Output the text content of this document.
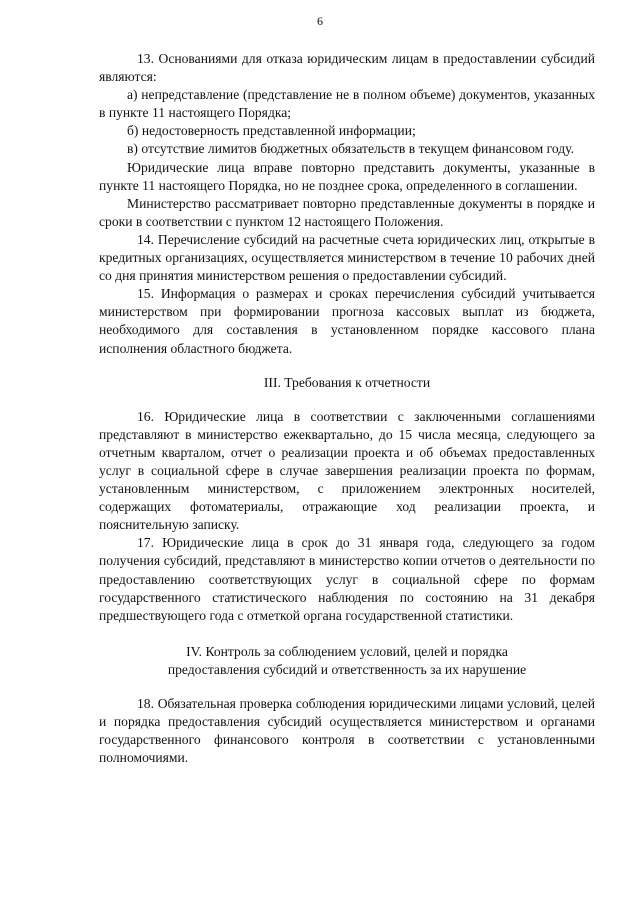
6

13. Основаниями для отказа юридическим лицам в предоставлении субсидий являются:

а) непредставление (представление не в полном объеме) документов, указанных в пункте 11 настоящего Порядка;

б) недостоверность представленной информации;

в) отсутствие лимитов бюджетных обязательств в текущем финансовом году.

Юридические лица вправе повторно представить документы, указанные в пункте 11 настоящего Порядка, но не позднее срока, определенного в соглашении.

Министерство рассматривает повторно представленные документы в порядке и сроки в соответствии с пунктом 12 настоящего Положения.

14. Перечисление субсидий на расчетные счета юридических лиц, открытые в кредитных организациях, осуществляется министерством в течение 10 рабочих дней со дня принятия министерством решения о предоставлении субсидий.

15. Информация о размерах и сроках перечисления субсидий учитывается министерством при формировании прогноза кассовых выплат из бюджета, необходимого для составления в установленном порядке кассового плана исполнения областного бюджета.

III. Требования к отчетности

16. Юридические лица в соответствии с заключенными соглашениями представляют в министерство ежеквартально, до 15 числа месяца, следующего за отчетным кварталом, отчет о реализации проекта и об объемах предоставленных услуг в социальной сфере в случае завершения реализации проекта по формам, установленным министерством, с приложением электронных носителей, содержащих фотоматериалы, отражающие ход реализации проекта, и пояснительную записку.

17. Юридические лица в срок до 31 января года, следующего за годом получения субсидий, представляют в министерство копии отчетов о деятельности по предоставлению соответствующих услуг в социальной сфере по формам государственного статистического наблюдения по состоянию на 31 декабря предшествующего года с отметкой органа государственной статистики.

IV. Контроль за соблюдением условий, целей и порядка
предоставления субсидий и ответственность за их нарушение

18. Обязательная проверка соблюдения юридическими лицами условий, целей и порядка предоставления субсидий осуществляется министерством и органами государственного финансового контроля в соответствии с установленными полномочиями.
